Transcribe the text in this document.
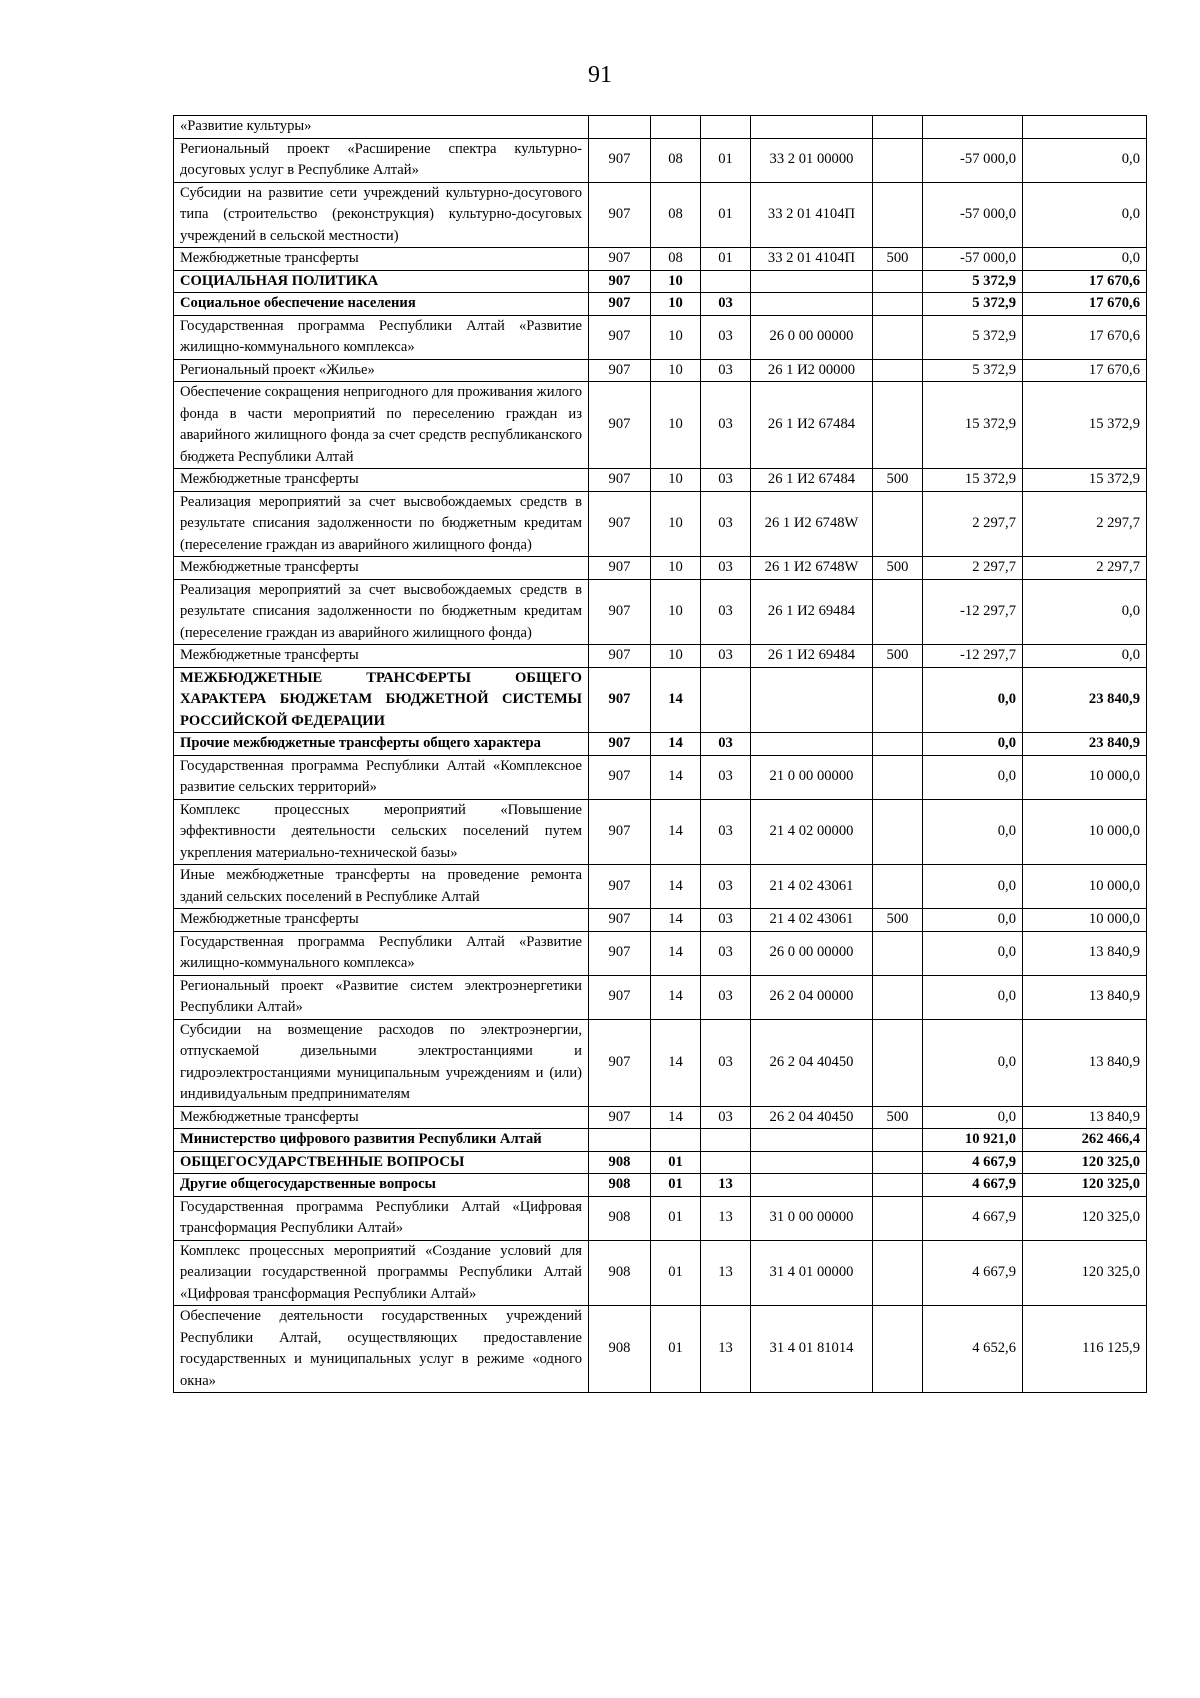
91
«Развитие культуры»							
Региональный проект «Расширение спектра культурно-досуговых услуг в Республике Алтай»	907	08	01	33 2 01 00000		-57 000,0	0,0
Субсидии на развитие сети учреждений культурно-досугового типа (строительство (реконструкция) культурно-досуговых учреждений в сельской местности)	907	08	01	33 2 01 4104П		-57 000,0	0,0
Межбюджетные трансферты	907	08	01	33 2 01 4104П	500	-57 000,0	0,0
СОЦИАЛЬНАЯ ПОЛИТИКА	907	10				5 372,9	17 670,6
Социальное обеспечение населения	907	10	03			5 372,9	17 670,6
Государственная программа Республики Алтай «Развитие жилищно-коммунального комплекса»	907	10	03	26 0 00 00000		5 372,9	17 670,6
Региональный проект «Жилье»	907	10	03	26 1 И2 00000		5 372,9	17 670,6
Обеспечение сокращения непригодного для проживания жилого фонда в части мероприятий по переселению граждан из аварийного жилищного фонда за счет средств республиканского бюджета Республики Алтай	907	10	03	26 1 И2 67484		15 372,9	15 372,9
Межбюджетные трансферты	907	10	03	26 1 И2 67484	500	15 372,9	15 372,9
Реализация мероприятий за счет высвобождаемых средств в результате списания задолженности по бюджетным кредитам (переселение граждан из аварийного жилищного фонда)	907	10	03	26 1 И2 6748W		2 297,7	2 297,7
Межбюджетные трансферты	907	10	03	26 1 И2 6748W	500	2 297,7	2 297,7
Реализация мероприятий за счет высвобождаемых средств в результате списания задолженности по бюджетным кредитам (переселение граждан из аварийного жилищного фонда)	907	10	03	26 1 И2 69484		-12 297,7	0,0
Межбюджетные трансферты	907	10	03	26 1 И2 69484	500	-12 297,7	0,0
МЕЖБЮДЖЕТНЫЕ ТРАНСФЕРТЫ ОБЩЕГО ХАРАКТЕРА БЮДЖЕТАМ БЮДЖЕТНОЙ СИСТЕМЫ РОССИЙСКОЙ ФЕДЕРАЦИИ	907	14				0,0	23 840,9
Прочие межбюджетные трансферты общего характера	907	14	03			0,0	23 840,9
Государственная программа Республики Алтай «Комплексное развитие сельских территорий»	907	14	03	21 0 00 00000		0,0	10 000,0
Комплекс процессных мероприятий «Повышение эффективности деятельности сельских поселений путем укрепления материально-технической базы»	907	14	03	21 4 02 00000		0,0	10 000,0
Иные межбюджетные трансферты на проведение ремонта зданий сельских поселений в Республике Алтай	907	14	03	21 4 02 43061		0,0	10 000,0
Межбюджетные трансферты	907	14	03	21 4 02 43061	500	0,0	10 000,0
Государственная программа Республики Алтай «Развитие жилищно-коммунального комплекса»	907	14	03	26 0 00 00000		0,0	13 840,9
Региональный проект «Развитие систем электроэнергетики Республики Алтай»	907	14	03	26 2 04 00000		0,0	13 840,9
Субсидии на возмещение расходов по электроэнергии, отпускаемой дизельными электростанциями и гидроэлектростанциями муниципальным учреждениям и (или) индивидуальным предпринимателям	907	14	03	26 2 04 40450		0,0	13 840,9
Межбюджетные трансферты	907	14	03	26 2 04 40450	500	0,0	13 840,9
Министерство цифрового развития Республики Алтай						10 921,0	262 466,4
ОБЩЕГОСУДАРСТВЕННЫЕ ВОПРОСЫ	908	01				4 667,9	120 325,0
Другие общегосударственные вопросы	908	01	13			4 667,9	120 325,0
Государственная программа Республики Алтай «Цифровая трансформация Республики Алтай»	908	01	13	31 0 00 00000		4 667,9	120 325,0
Комплекс процессных мероприятий «Создание условий для реализации государственной программы Республики Алтай «Цифровая трансформация Республики Алтай»	908	01	13	31 4 01 00000		4 667,9	120 325,0
Обеспечение деятельности государственных учреждений Республики Алтай, осуществляющих предоставление государственных и муниципальных услуг в режиме «одного окна»	908	01	13	31 4 01 81014		4 652,6	116 125,9
